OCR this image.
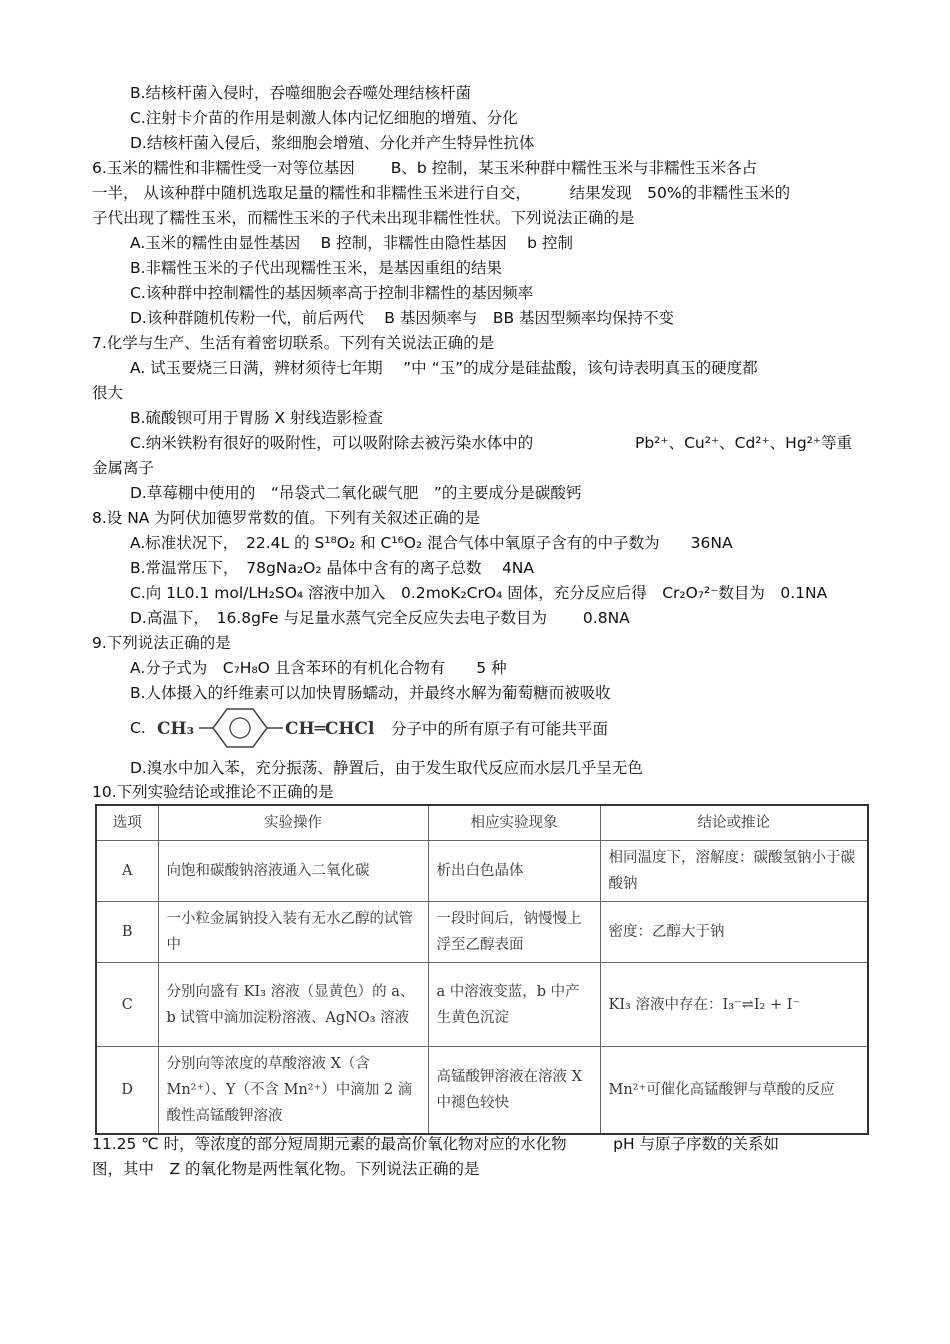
B.结核杆菌入侵时，吞噬细胞会吞噬处理结核杆菌
C.注射卡介苗的作用是刺激人体内记忆细胞的增殖、分化
D.结核杆菌入侵后，浆细胞会增殖、分化并产生特异性抗体
6.玉米的糯性和非糯性受一对等位基因　　 B、b 控制，某玉米种群中糯性玉米与非糯性玉米各占
一半， 从该种群中随机选取足量的糯性和非糯性玉米进行自交，　　　结果发现　50%的非糯性玉米的
子代出现了糯性玉米，而糯性玉米的子代未出现非糯性性状。下列说法正确的是
A.玉米的糯性由显性基因　 B 控制，非糯性由隐性基因　 b 控制
B.非糯性玉米的子代出现糯性玉米，是基因重组的结果
C.该种群中控制糯性的基因频率高于控制非糯性的基因频率
D.该种群随机传粉一代，前后两代　 B 基因频率与　BB 基因型频率均保持不变
7.化学与生产、生活有着密切联系。下列有关说法正确的是
A. 试玉要烧三日满，辨材须待七年期　 ”中 “玉”的成分是硅盐酸，该句诗表明真玉的硬度都
很大
B.硫酸钡可用于胃肠 X 射线造影检查
C.纳米铁粉有很好的吸附性，可以吸附除去被污染水体中的	Pb²⁺、Cu²⁺、Cd²⁺、Hg²⁺等重
金属离子
D.草莓棚中使用的　“吊袋式二氧化碳气肥　”的主要成分是碳酸钙
8.设 NA 为阿伏加德罗常数的值。下列有关叙述正确的是
A.标准状况下，　22.4L 的 S¹⁸O₂ 和 C¹⁶O₂ 混合气体中氧原子含有的中子数为　　36NA
B.常温常压下，　78gNa₂O₂ 晶体中含有的离子总数　 4NA
C.向 1L0.1 mol/LH₂SO₄ 溶液中加入　0.2moK₂CrO₄ 固体，充分反应后得　Cr₂O₇²⁻数目为　0.1NA
D.高温下，　16.8gFe 与足量水蒸气完全反应失去电子数目为　　 0.8NA
9.下列说法正确的是
A.分子式为　C₇H₈O 且含苯环的有机化合物有　　5 种
B.人体摄入的纤维素可以加快胃肠蠕动，并最终水解为葡萄糖而被吸收
C. CH₃	CH═CHCl 分子中的所有原子有可能共平面
D.溴水中加入苯，充分振荡、静置后，由于发生取代反应而水层几乎呈无色
10.下列实验结论或推论不正确的是
选项	实验操作	相应实验现象	结论或推论
A	向饱和碳酸钠溶液通入二氧化碳	析出白色晶体	相同温度下，溶解度：碳酸氢钠小于碳酸钠
B	一小粒金属钠投入装有无水乙醇的试管中	一段时间后，钠慢慢上浮至乙醇表面	密度：乙醇大于钠
C	分别向盛有 KI₃ 溶液（显黄色）的 a、b 试管中滴加淀粉溶液、AgNO₃ 溶液	a 中溶液变蓝，b 中产生黄色沉淀	KI₃ 溶液中存在：I₃⁻⇌I₂ + I⁻
D	分别向等浓度的草酸溶液 X（含 Mn²⁺）、Y（不含 Mn²⁺）中滴加 2 滴酸性高锰酸钾溶液	高锰酸钾溶液在溶液 X 中褪色较快	Mn²⁺可催化高锰酸钾与草酸的反应
11.25 ℃ 时，等浓度的部分短周期元素的最高价氧化物对应的水化物　　　pH 与原子序数的关系如
图，其中　Z 的氧化物是两性氧化物。下列说法正确的是
